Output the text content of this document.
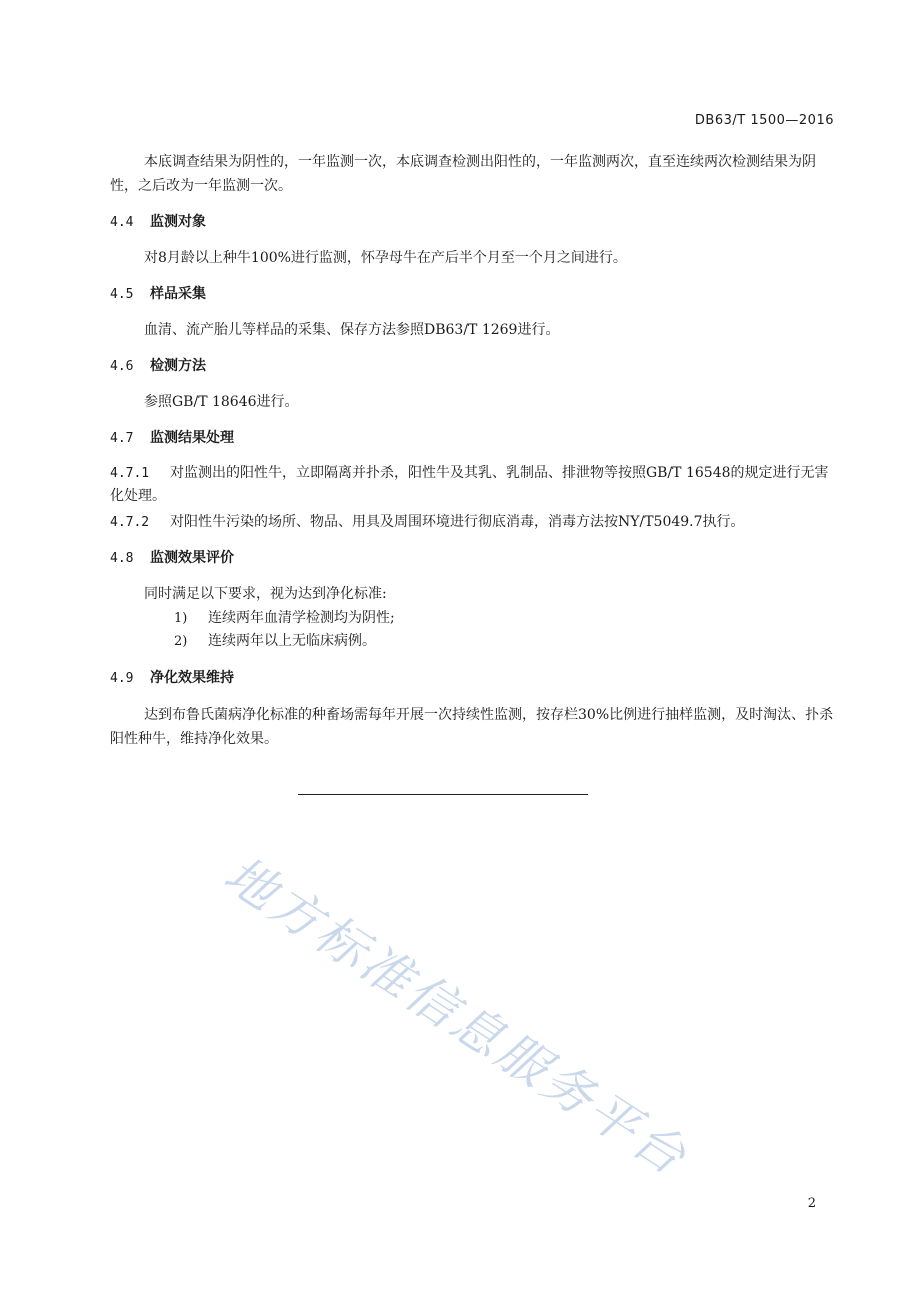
DB63/T 1500—2016
本底调查结果为阴性的，一年监测一次，本底调查检测出阳性的，一年监测两次，直至连续两次检测结果为阴性，之后改为一年监测一次。
4.4 监测对象
对8月龄以上种牛100%进行监测，怀孕母牛在产后半个月至一个月之间进行。
4.5 样品采集
血清、流产胎儿等样品的采集、保存方法参照DB63/T 1269进行。
4.6 检测方法
参照GB/T 18646进行。
4.7 监测结果处理
4.7.1 对监测出的阳性牛，立即隔离并扑杀，阳性牛及其乳、乳制品、排泄物等按照GB/T 16548的规定进行无害化处理。
4.7.2 对阳性牛污染的场所、物品、用具及周围环境进行彻底消毒，消毒方法按NY/T5049.7执行。
4.8 监测效果评价
同时满足以下要求，视为达到净化标准:
1) 连续两年血清学检测均为阴性;
2) 连续两年以上无临床病例。
4.9 净化效果维持
达到布鲁氏菌病净化标准的种畜场需每年开展一次持续性监测，按存栏30%比例进行抽样监测，及时淘汰、扑杀阳性种牛，维持净化效果。
地方标准信息服务平台
2
